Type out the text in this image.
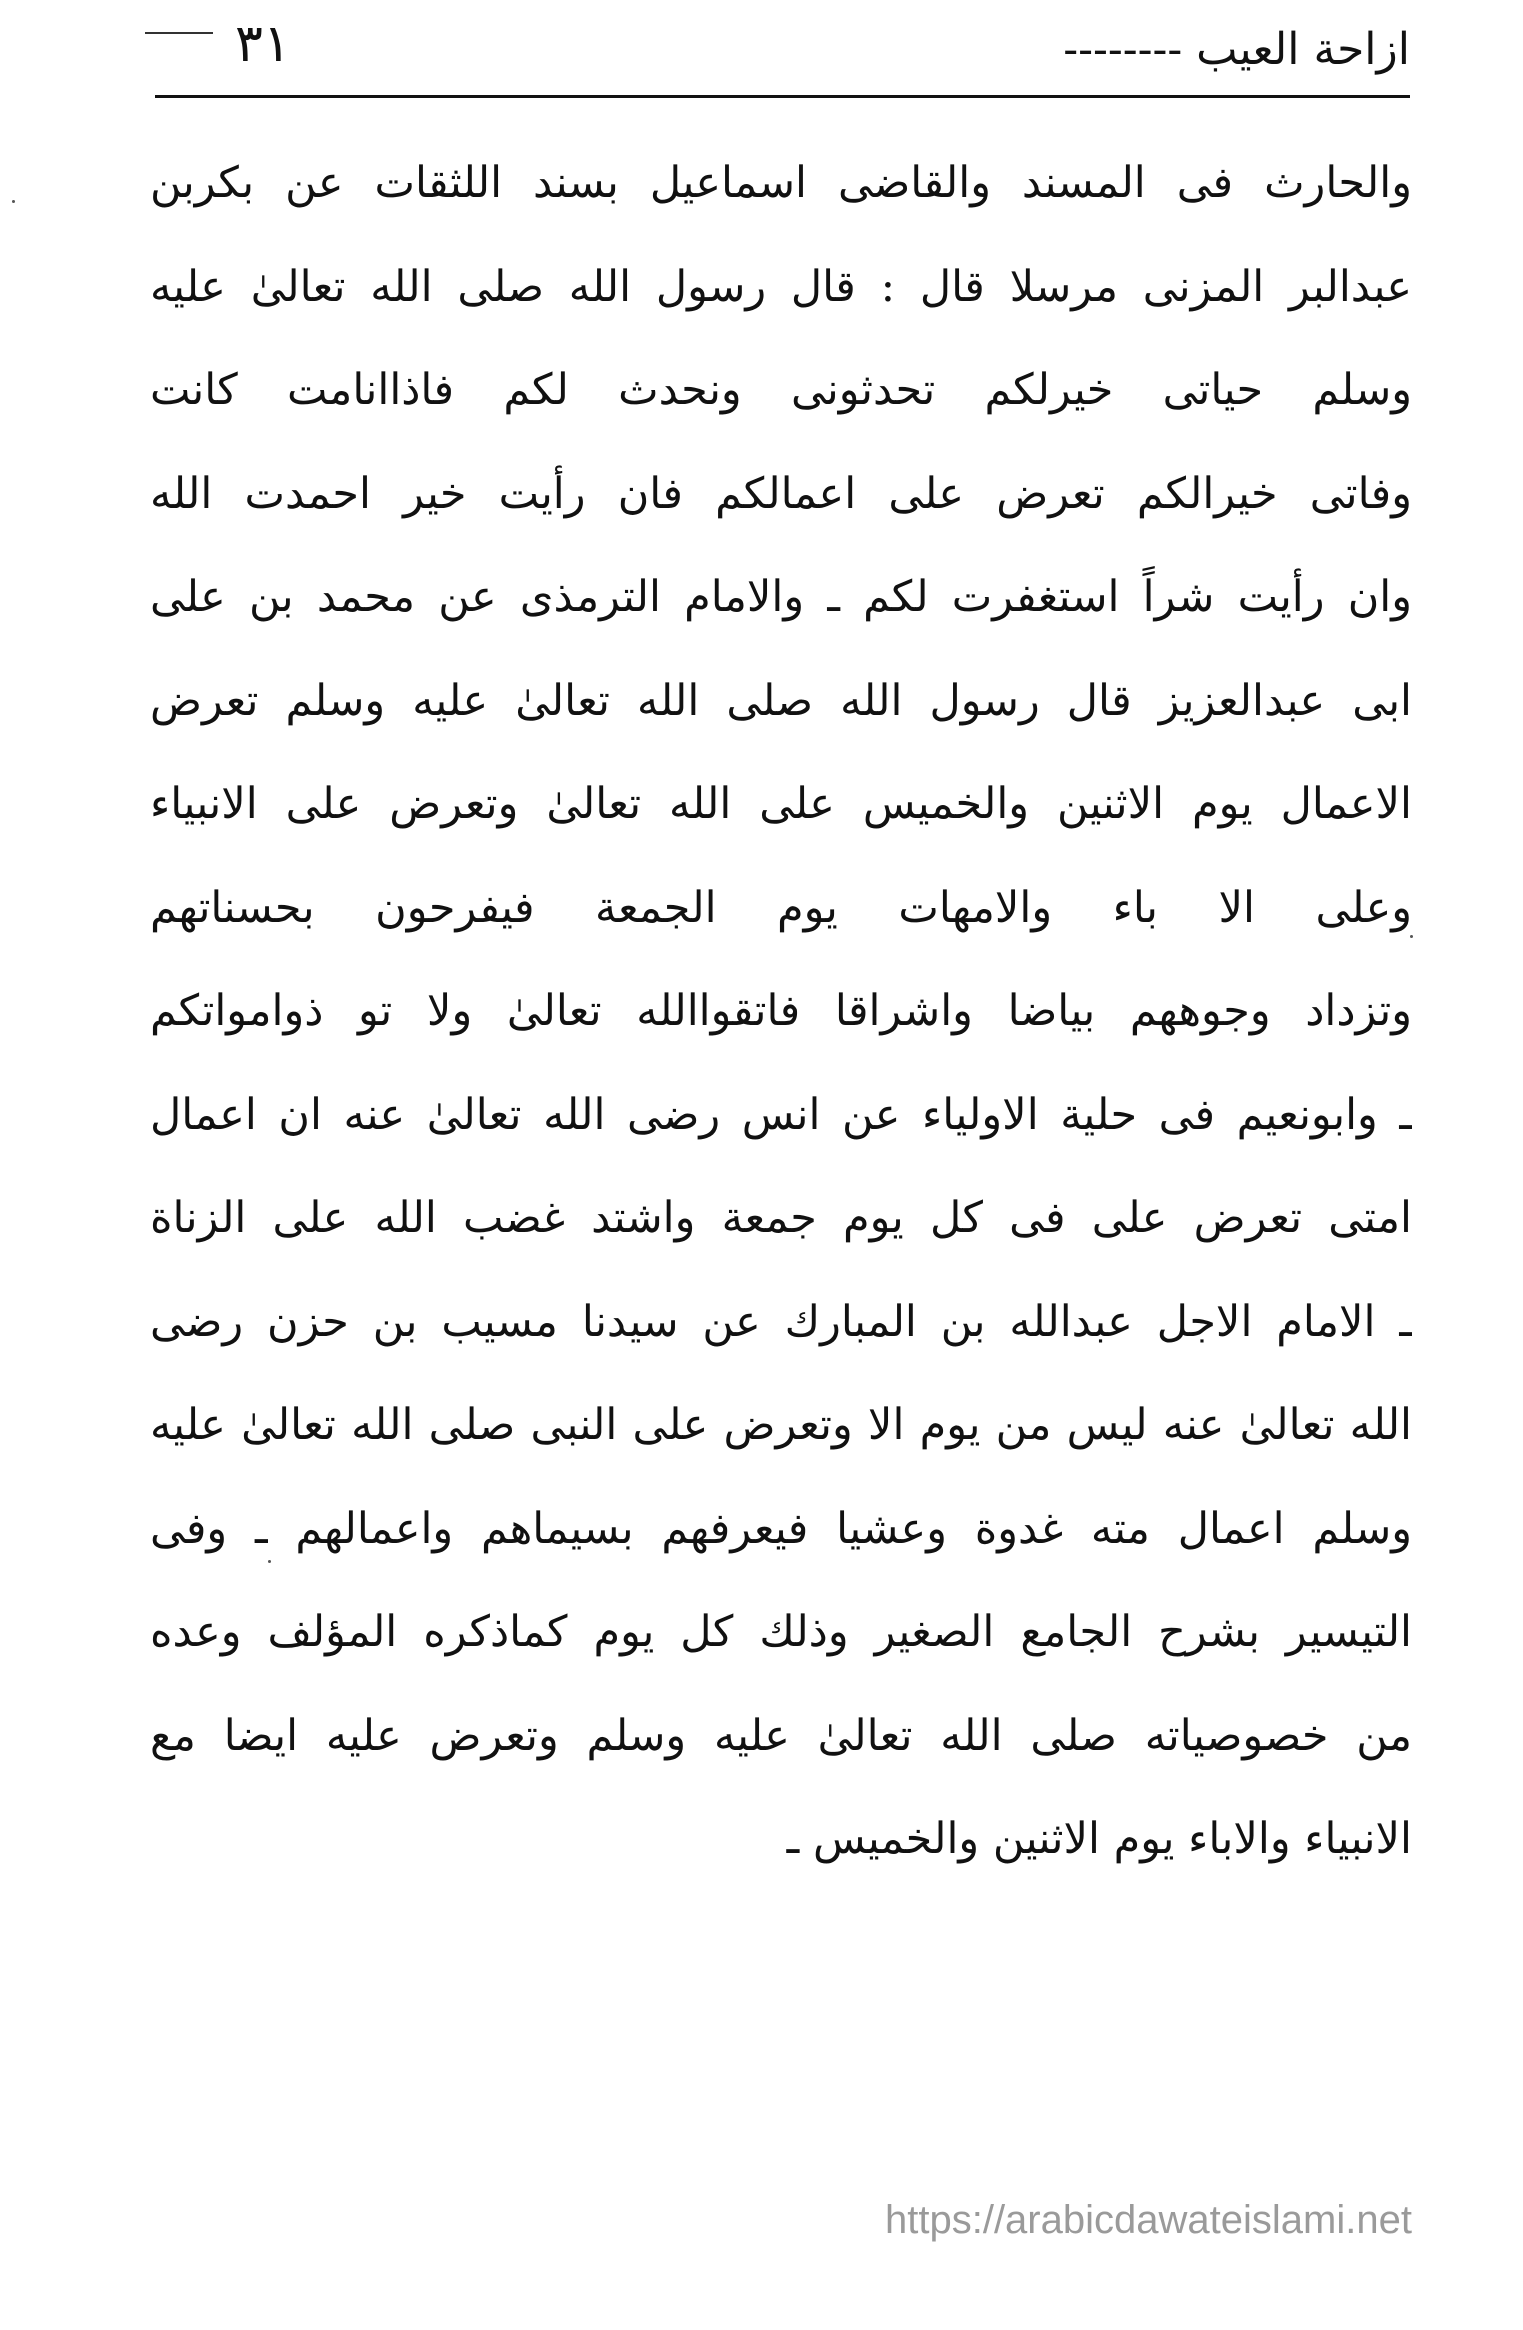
ازاحة العيب --------
٣١
والحارث فى المسند والقاضى اسماعيل بسند اللثقات عن بكربن
عبدالبر المزنى مرسلا قال : قال رسول الله صلى الله تعالىٰ عليه
وسلم حياتى خيرلكم تحدثونى ونحدث لكم فاذاانامت كانت
وفاتى خيرالكم تعرض على اعمالكم فان رأيت خير احمدت الله
وان رأيت شراً استغفرت لكم ـ والامام الترمذى عن محمد بن على
ابى عبدالعزيز قال رسول الله صلى الله تعالىٰ عليه وسلم تعرض
الاعمال يوم الاثنين والخميس على الله تعالىٰ وتعرض على الانبياء
وعلى الا باء والامهات يوم الجمعة فيفرحون بحسناتهم
وتزداد وجوههم بياضا واشراقا فاتقواالله تعالىٰ ولا تو ذوامواتكم
ـ وابونعيم فى حلية الاولياء عن انس رضى الله تعالىٰ عنه ان اعمال
امتى تعرض على فى كل يوم جمعة واشتد غضب الله على الزناة
ـ الامام الاجل عبدالله بن المبارك عن سيدنا مسيب بن حزن رضى
الله تعالىٰ عنه ليس من يوم الا وتعرض على النبى صلى الله تعالىٰ عليه
وسلم اعمال مته غدوة وعشيا فيعرفهم بسيماهم واعمالهم ـ وفى
التيسير بشرح الجامع الصغير وذلك كل يوم كماذكره المؤلف وعده
من خصوصياته صلى الله تعالىٰ عليه وسلم وتعرض عليه ايضا مع
الانبياء والاباء يوم الاثنين والخميس ـ
https://arabicdawateislami.net
